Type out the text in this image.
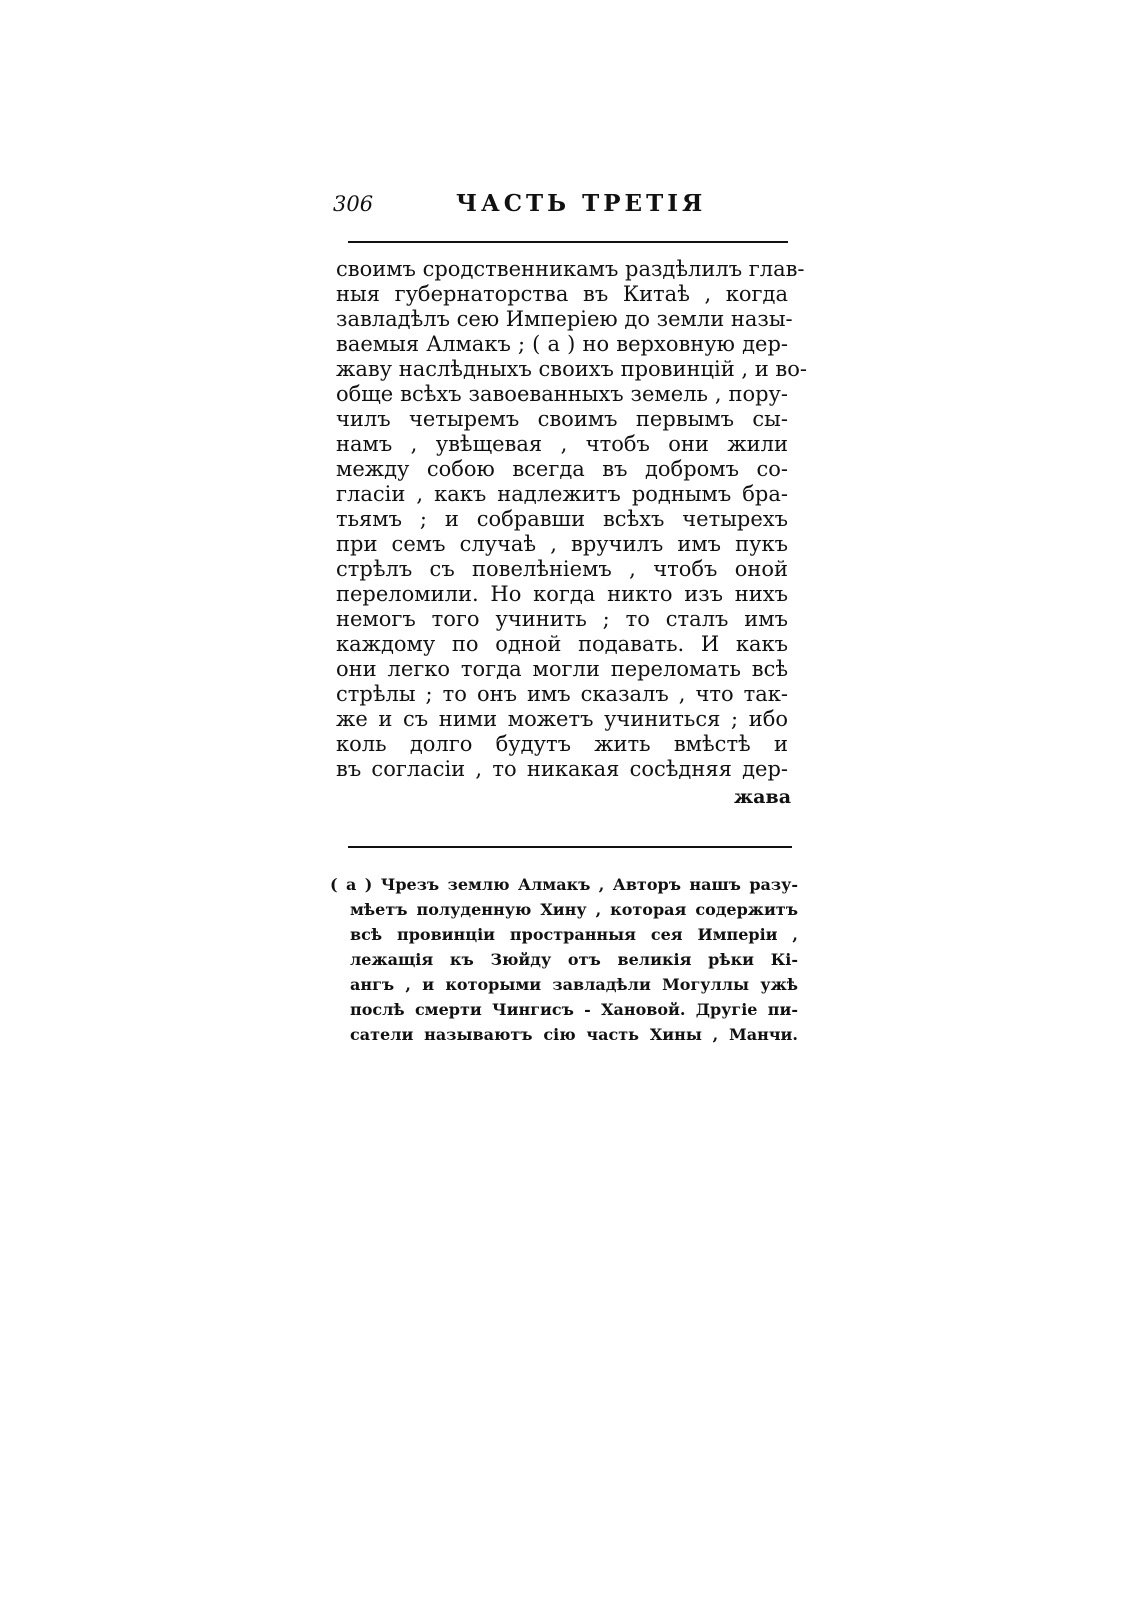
306	ЧАСТЬ ТРЕТІЯ
своимъ сродственникамъ раздѣлилъ глав-
ныя губернаторства въ Китаѣ , когда
завладѣлъ сею Имперiею до земли назы-
ваемыя Алмакъ ; ( а ) но верховную дер-
жаву наслѣдныхъ своихъ провинцiй , и во-
обще всѣхъ завоеванныхъ земель , пору-
чилъ четыремъ своимъ первымъ сы-
намъ , увѣщевая , чтобъ они жили
между собою всегда въ добромъ со-
гласiи , какъ надлежитъ роднымъ бра-
тьямъ ; и собравши всѣхъ четырехъ
при семъ случаѣ , вручилъ имъ пукъ
стрѣлъ съ повелѣнiемъ , чтобъ оной
переломили. Но когда никто изъ нихъ
немогъ того учинить ; то сталъ имъ
каждому по одной подавать. И какъ
они легко тогда могли переломать всѣ
стрѣлы ; то онъ имъ сказалъ , что так-
же и съ ними можетъ учиниться ; ибо
коль долго будутъ жить вмѣстѣ и
въ согласiи , то никакая сосѣдняя дер-
жава
( а ) Чрезъ землю Алмакъ , Авторъ нашъ разу-
мѣетъ полуденную Хину , которая содержитъ
всѣ провинцiи пространныя сея Имперiи ,
лежащiя къ Зюйду отъ великiя рѣки Кi-
ангъ , и которыми завладѣли Могуллы ужѣ
послѣ смерти Чингисъ - Хановой. Другiе пи-
сатели называютъ сiю часть Хины , Манчи.
